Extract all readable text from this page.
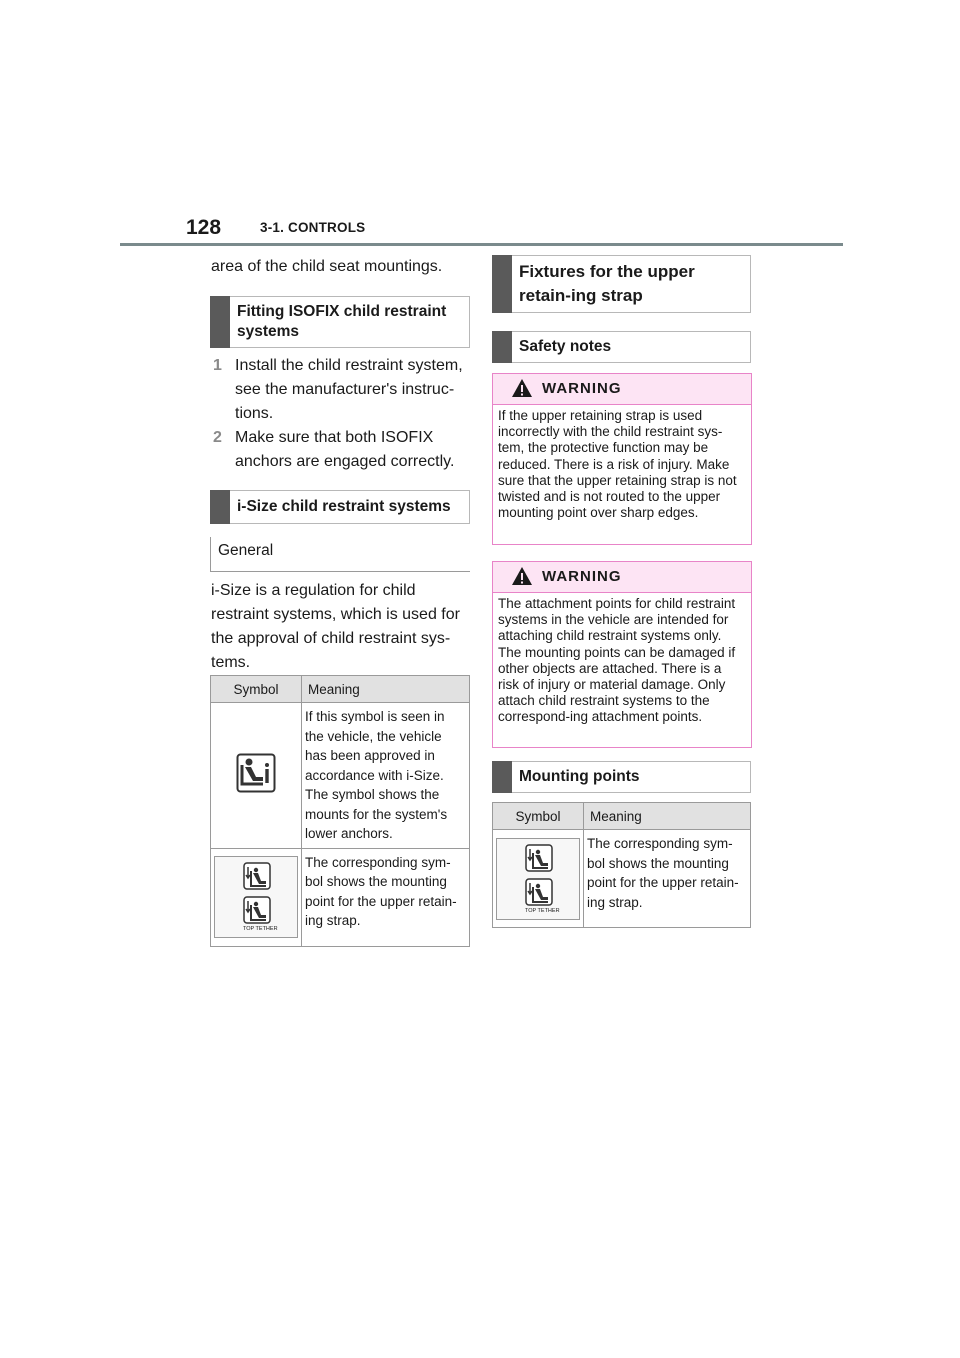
128	3-1. CONTROLS
area of the child seat mountings.
Fitting ISOFIX child restraint systems
1 Install the child restraint system, see the manufacturer's instruc-tions.
2 Make sure that both ISOFIX anchors are engaged correctly.
i-Size child restraint systems
General
i-Size is a regulation for child restraint systems, which is used for the approval of child restraint sys-tems.
Symbol	Meaning
	If this symbol is seen in the vehicle, the vehicle has been approved in accordance with i-Size. The symbol shows the mounts for the system's lower anchors.

TOP TETHER	The corresponding sym-bol shows the mounting point for the upper retain-ing strap.
Fixtures for the upper retain-ing strap
Safety notes
WARNING
If the upper retaining strap is used incorrectly with the child restraint sys-tem, the protective function may be reduced. There is a risk of injury. Make sure that the upper retaining strap is not twisted and is not routed to the upper mounting point over sharp edges.
WARNING
The attachment points for child restraint systems in the vehicle are intended for attaching child restraint systems only. The mounting points can be damaged if other objects are attached. There is a risk of injury or material damage. Only attach child restraint systems to the correspond-ing attachment points.
Mounting points
Symbol	Meaning

TOP TETHER	The corresponding sym-bol shows the mounting point for the upper retain-ing strap.
